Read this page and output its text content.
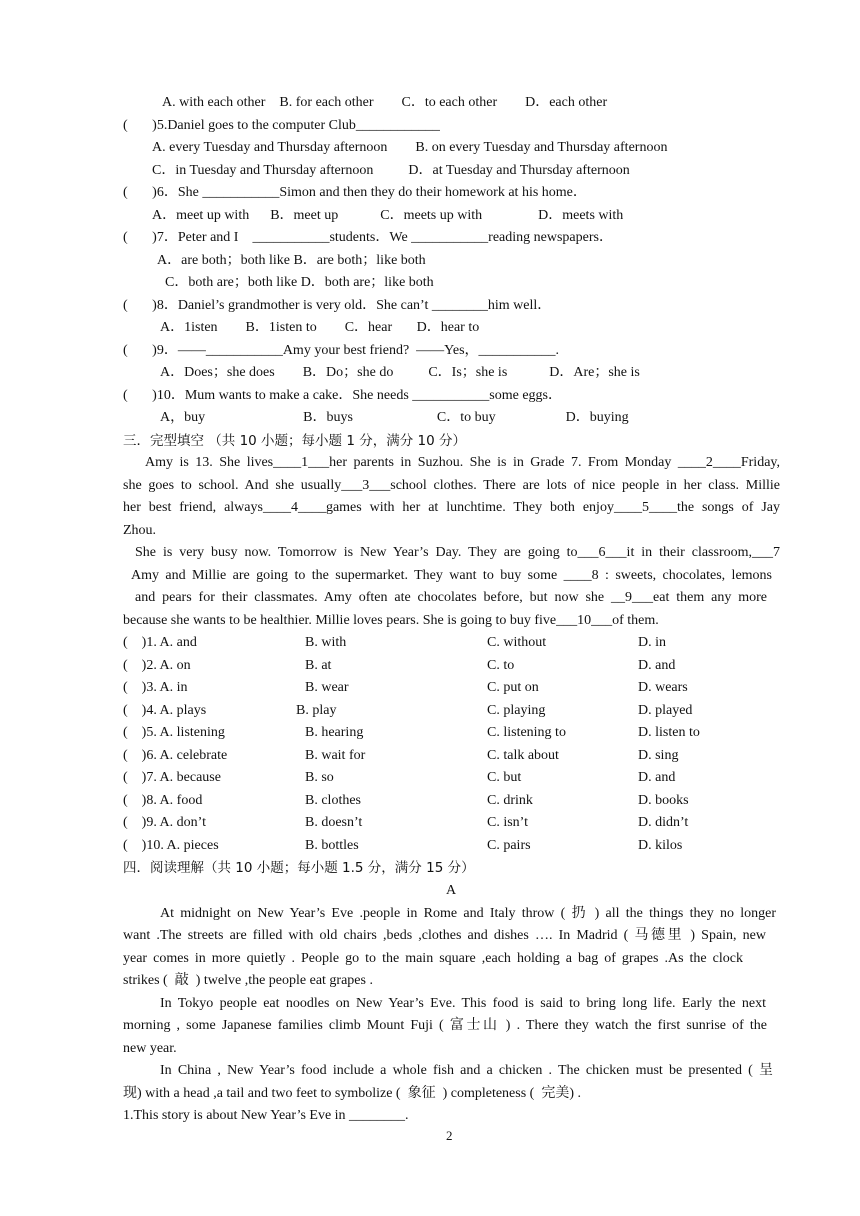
A. with each other    B. for each other        C．to each other        D．each other
(       )5.Daniel goes to the computer Club____________
A. every Tuesday and Thursday afternoon        B. on every Tuesday and Thursday afternoon
C．in Tuesday and Thursday afternoon          D．at Tuesday and Thursday afternoon
(       )6．She ___________Simon and then they do their homework at his home．
A．meet up with      B．meet up            C．meets up with                D．meets with
(       )7．Peter and I    ___________students．We ___________reading newspapers．
A．are both；both like B．are both；like both
C．both are；both like D．both are；like both
(       )8．Daniel’s grandmother is very old．She can’t ________him well．
A．1isten        B．1isten to        C．hear       D．hear to
(       )9．——___________Amy your best friend?  ——Yes，___________.
A．Does；she does        B．Do；she do          C．Is；she is            D．Are；she is
(       )10．Mum wants to make a cake．She needs ___________some eggs．
A，buy                            B．buys                        C．to buy                    D．buying
三．完型填空 （共 10 小题；每小题 1 分，满分 10 分）
Amy is 13. She lives____1___her parents in Suzhou. She is in Grade 7. From Monday ____2____Friday,
she goes to school. And she usually___3___school clothes. There are lots of nice people in her class. Millie
her best friend, always____4____games with her at lunchtime. They both enjoy____5____the songs of Jay
Zhou.
She is very busy now. Tomorrow is New Year’s Day. They are going to___6___it in their classroom,___7
Amy and Millie are going to the supermarket. They want to buy some ____8 : sweets, chocolates, lemons
and pears for their classmates. Amy often ate chocolates before, but now she __9___eat them any more
because she wants to be healthier. Millie loves pears. She is going to buy five___10___of them.
(    )1. A. and	B. with	C. without	D. in
(    )2. A. on	B. at	C. to	D. and
(    )3. A. in	B. wear	C. put on	D. wears
(    )4. A. plays	B. play	C. playing	D. played
(    )5. A. listening	B. hearing	C. listening to	D. listen to
(    )6. A. celebrate	B. wait for	C. talk about	D. sing
(    )7. A. because	B. so	C. but	D. and
(    )8. A. food	B. clothes	C. drink	D. books
(    )9. A. don’t	B. doesn’t	C. isn’t	D. didn’t
(    )10. A. pieces	B. bottles	C. pairs	D. kilos
四．阅读理解（共 10 小题；每小题 1.5 分，满分 15 分）
A
At midnight on New Year’s Eve .people in Rome and Italy throw ( 扔 ) all the things they no longer
want .The streets are filled with old chairs ,beds ,clothes and dishes …. In Madrid ( 马德里 ) Spain, new
year comes in more quietly . People go to the main square ,each holding a bag of grapes .As the clock
strikes (  敲  ) twelve ,the people eat grapes .
In Tokyo people eat noodles on New Year’s Eve. This food is said to bring long life. Early the next
morning , some Japanese families climb Mount Fuji ( 富士山 ) . There they watch the first sunrise of the
new year.
In China , New Year’s food include a whole fish and a chicken . The chicken must be presented ( 呈
现) with a head ,a tail and two feet to symbolize (  象征  ) completeness (  完美) .
1.This story is about New Year’s Eve in ________.
2
